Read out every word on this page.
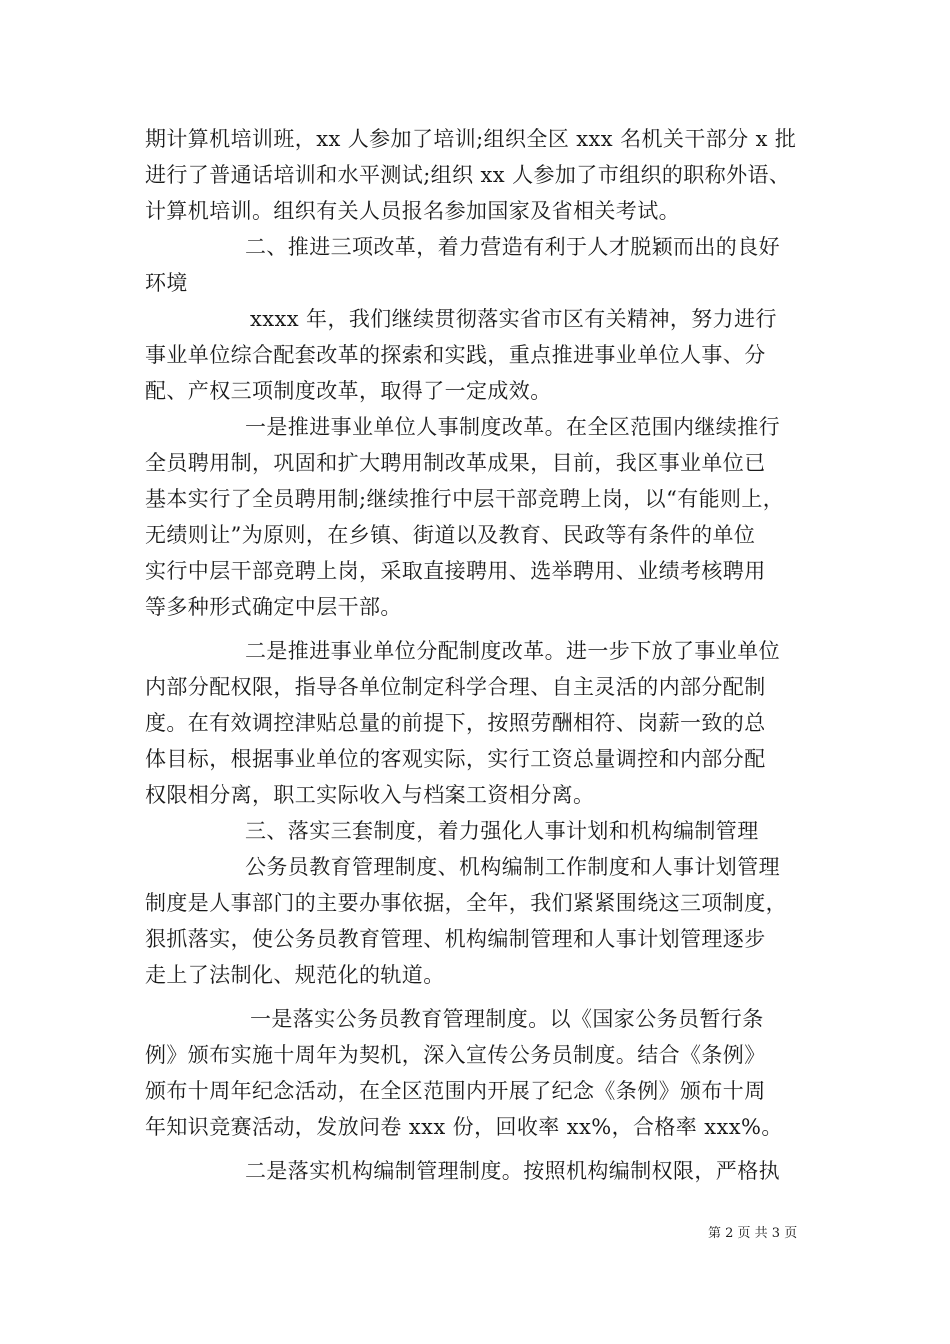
期计算机培训班，xx 人参加了培训;组织全区 xxx 名机关干部分 x 批
进行了普通话培训和水平测试;组织 xx 人参加了市组织的职称外语、
计算机培训。组织有关人员报名参加国家及省相关考试。
二、推进三项改革，着力营造有利于人才脱颖而出的良好
环境
xxxx 年，我们继续贯彻落实省市区有关精神，努力进行
事业单位综合配套改革的探索和实践，重点推进事业单位人事、分
配、产权三项制度改革，取得了一定成效。
一是推进事业单位人事制度改革。在全区范围内继续推行
全员聘用制，巩固和扩大聘用制改革成果，目前，我区事业单位已
基本实行了全员聘用制;继续推行中层干部竞聘上岗，以“有能则上，
无绩则让”为原则，在乡镇、街道以及教育、民政等有条件的单位
实行中层干部竞聘上岗，采取直接聘用、选举聘用、业绩考核聘用
等多种形式确定中层干部。
二是推进事业单位分配制度改革。进一步下放了事业单位
内部分配权限，指导各单位制定科学合理、自主灵活的内部分配制
度。在有效调控津贴总量的前提下，按照劳酬相符、岗薪一致的总
体目标，根据事业单位的客观实际，实行工资总量调控和内部分配
权限相分离，职工实际收入与档案工资相分离。
三、落实三套制度，着力强化人事计划和机构编制管理
公务员教育管理制度、机构编制工作制度和人事计划管理
制度是人事部门的主要办事依据，全年，我们紧紧围绕这三项制度，
狠抓落实，使公务员教育管理、机构编制管理和人事计划管理逐步
走上了法制化、规范化的轨道。
一是落实公务员教育管理制度。以《国家公务员暂行条
例》颁布实施十周年为契机，深入宣传公务员制度。结合《条例》
颁布十周年纪念活动，在全区范围内开展了纪念《条例》颁布十周
年知识竞赛活动，发放问卷 xxx 份，回收率 xx%，合格率 xxx%。
二是落实机构编制管理制度。按照机构编制权限，严格执
第 2 页 共 3 页
